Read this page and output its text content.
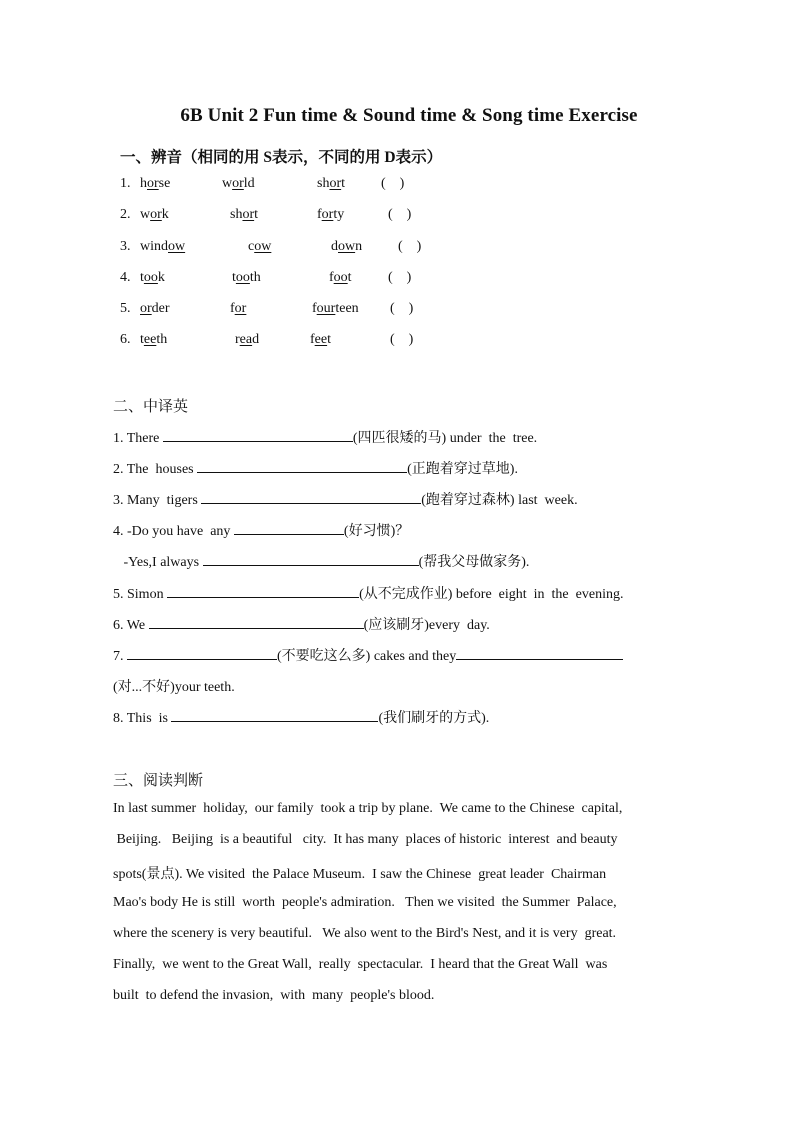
6B Unit 2 Fun time & Sound time & Song time Exercise
一、辨音（相同的用 S表示，不同的用 D表示）
1. horse	world	short	(    )
2. work	short	forty	(    )
3. window	cow	down	(    )
4. took	tooth	foot	(    )
5. order	for	fourteen (    )
6. teeth	read	feet	(    )
二、中译英
1. There	(四匹很矮的马) under  the  tree.
2. The  houses	(正跑着穿过草地).
3. Many  tigers	(跑着穿过森林) last  week.
4. -Do you have  any	(好习惯)？
-Yes,I always	(帮我父母做家务).
5. Simon	(从不完成作业) before  eight  in  the  evening.
6. We	(应该刷牙)every  day.
7.	(不要吃这么多) cakes and they
(对...不好)your teeth.
8. This  is	(我们刷牙的方式).
三、阅读判断
In last summer  holiday,  our family  took a trip by plane.  We came to the Chinese  capital,
Beijing.   Beijing  is a beautiful   city.  It has many  places of historic  interest  and beauty
spots(景点). We visited  the Palace Museum.  I saw the Chinese  great leader  Chairman
Mao's body He is still  worth  people's admiration.   Then we visited  the Summer  Palace,
where the scenery is very beautiful.   We also went to the Bird's Nest, and it is very  great.
Finally,  we went to the Great Wall,  really  spectacular.  I heard that the Great Wall  was
built  to defend the invasion,  with  many  people's blood.
